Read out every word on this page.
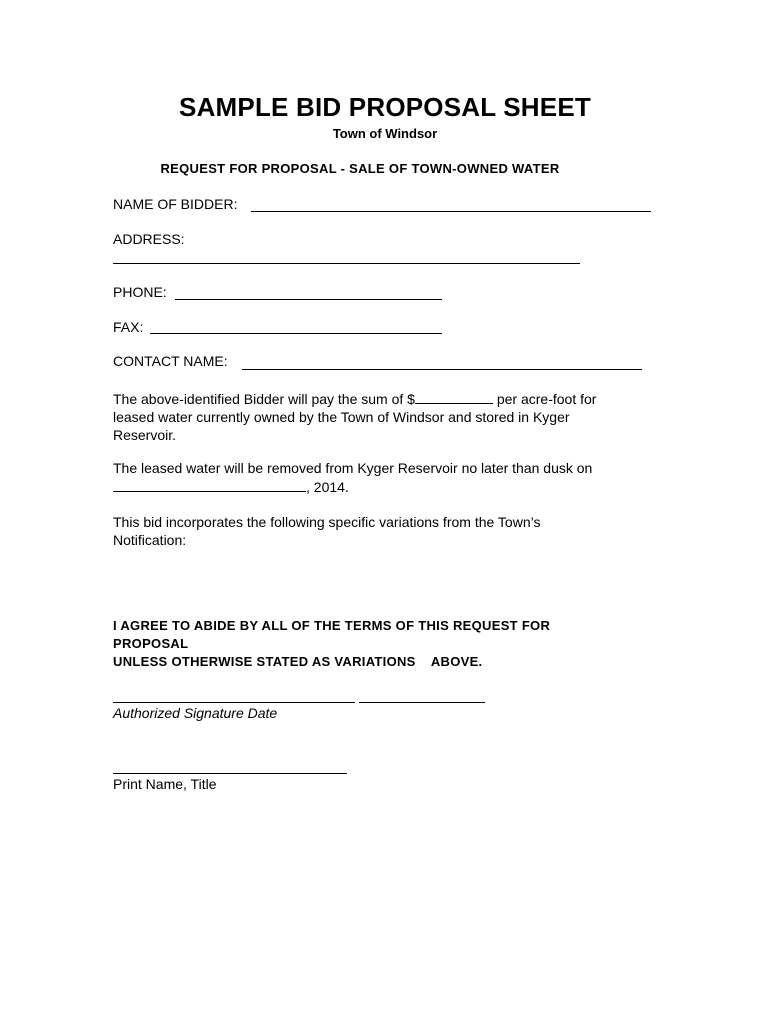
SAMPLE BID PROPOSAL SHEET
Town of Windsor
REQUEST FOR PROPOSAL - SALE OF TOWN-OWNED WATER
NAME OF BIDDER:
ADDRESS:
PHONE:
FAX:
CONTACT NAME:
The above-identified Bidder will pay the sum of $	per acre-foot for leased water currently owned by the Town of Windsor and stored in Kyger Reservoir.
The leased water will be removed from Kyger Reservoir no later than dusk on
, 2014.
This bid incorporates the following specific variations from the Town’s Notification:
I AGREE TO ABIDE BY ALL OF THE TERMS OF THIS REQUEST FOR
PROPOSAL
UNLESS OTHERWISE STATED AS VARIATIONS    ABOVE.
Authorized Signature Date
Print Name, Title
